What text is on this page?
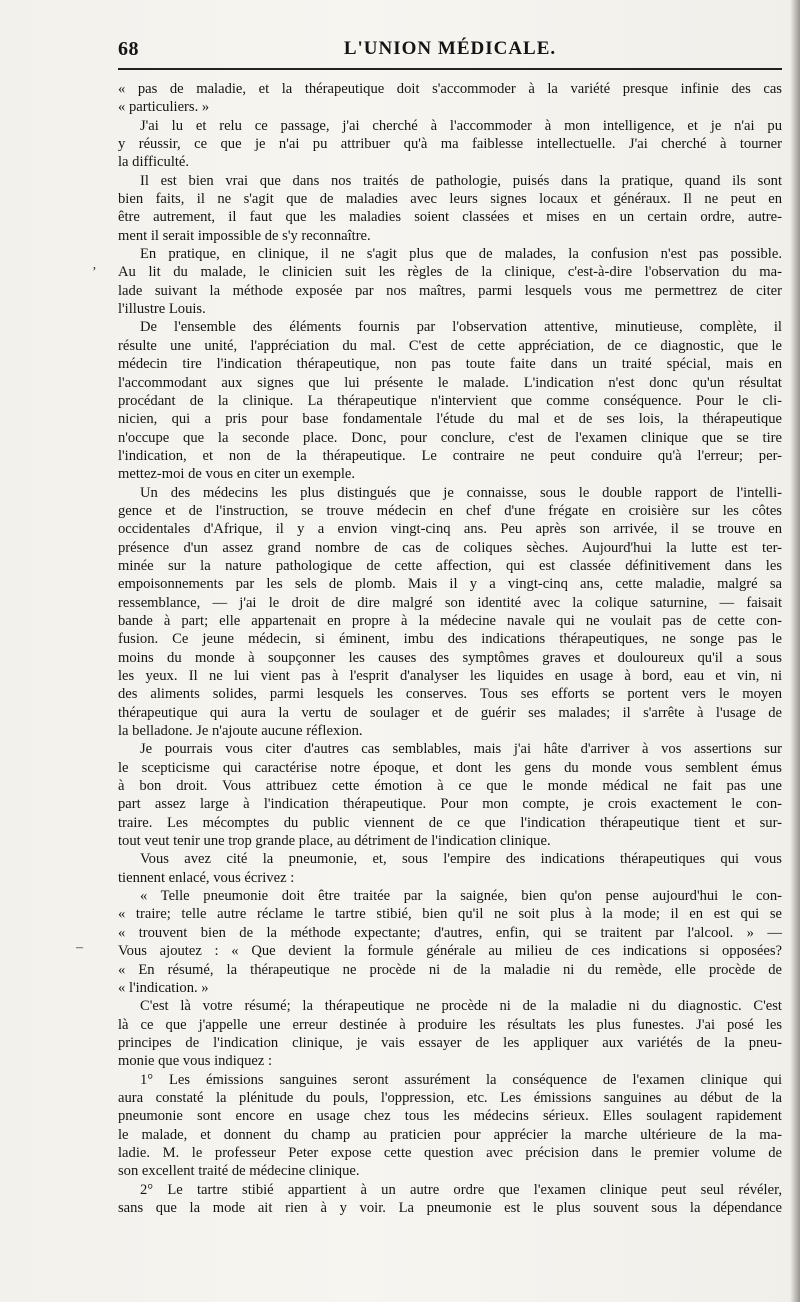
68	L'UNION MÉDICALE.
« pas de maladie, et la thérapeutique doit s'accommoder à la variété presque infinie des cas
« particuliers. »
J'ai lu et relu ce passage, j'ai cherché à l'accommoder à mon intelligence, et je n'ai pu
y réussir, ce que je n'ai pu attribuer qu'à ma faiblesse intellectuelle. J'ai cherché à tourner
la difficulté.
Il est bien vrai que dans nos traités de pathologie, puisés dans la pratique, quand ils sont
bien faits, il ne s'agit que de maladies avec leurs signes locaux et généraux. Il ne peut en
être autrement, il faut que les maladies soient classées et mises en un certain ordre, autre-
ment il serait impossible de s'y reconnaître.
En pratique, en clinique, il ne s'agit plus que de malades, la confusion n'est pas possible.
Au lit du malade, le clinicien suit les règles de la clinique, c'est-à-dire l'observation du ma-
lade suivant la méthode exposée par nos maîtres, parmi lesquels vous me permettrez de citer
l'illustre Louis.
De l'ensemble des éléments fournis par l'observation attentive, minutieuse, complète, il
résulte une unité, l'appréciation du mal. C'est de cette appréciation, de ce diagnostic, que le
médecin tire l'indication thérapeutique, non pas toute faite dans un traité spécial, mais en
l'accommodant aux signes que lui présente le malade. L'indication n'est donc qu'un résultat
procédant de la clinique. La thérapeutique n'intervient que comme conséquence. Pour le cli-
nicien, qui a pris pour base fondamentale l'étude du mal et de ses lois, la thérapeutique
n'occupe que la seconde place. Donc, pour conclure, c'est de l'examen clinique que se tire
l'indication, et non de la thérapeutique. Le contraire ne peut conduire qu'à l'erreur; per-
mettez-moi de vous en citer un exemple.
Un des médecins les plus distingués que je connaisse, sous le double rapport de l'intelli-
gence et de l'instruction, se trouve médecin en chef d'une frégate en croisière sur les côtes
occidentales d'Afrique, il y a envion vingt-cinq ans. Peu après son arrivée, il se trouve en
présence d'un assez grand nombre de cas de coliques sèches. Aujourd'hui la lutte est ter-
minée sur la nature pathologique de cette affection, qui est classée définitivement dans les
empoisonnements par les sels de plomb. Mais il y a vingt-cinq ans, cette maladie, malgré sa
ressemblance, — j'ai le droit de dire malgré son identité avec la colique saturnine, — faisait
bande à part; elle appartenait en propre à la médecine navale qui ne voulait pas de cette con-
fusion. Ce jeune médecin, si éminent, imbu des indications thérapeutiques, ne songe pas le
moins du monde à soupçonner les causes des symptômes graves et douloureux qu'il a sous
les yeux. Il ne lui vient pas à l'esprit d'analyser les liquides en usage à bord, eau et vin, ni
des aliments solides, parmi lesquels les conserves. Tous ses efforts se portent vers le moyen
thérapeutique qui aura la vertu de soulager et de guérir ses malades; il s'arrête à l'usage de
la belladone. Je n'ajoute aucune réflexion.
Je pourrais vous citer d'autres cas semblables, mais j'ai hâte d'arriver à vos assertions sur
le scepticisme qui caractérise notre époque, et dont les gens du monde vous semblent émus
à bon droit. Vous attribuez cette émotion à ce que le monde médical ne fait pas une
part assez large à l'indication thérapeutique. Pour mon compte, je crois exactement le con-
traire. Les mécomptes du public viennent de ce que l'indication thérapeutique tient et sur-
tout veut tenir une trop grande place, au détriment de l'indication clinique.
Vous avez cité la pneumonie, et, sous l'empire des indications thérapeutiques qui vous
tiennent enlacé, vous écrivez :
« Telle pneumonie doit être traitée par la saignée, bien qu'on pense aujourd'hui le con-
« traire; telle autre réclame le tartre stibié, bien qu'il ne soit plus à la mode; il en est qui se
« trouvent bien de la méthode expectante; d'autres, enfin, qui se traitent par l'alcool. » —
Vous ajoutez : « Que devient la formule générale au milieu de ces indications si opposées?
« En résumé, la thérapeutique ne procède ni de la maladie ni du remède, elle procède de
« l'indication. »
C'est là votre résumé; la thérapeutique ne procède ni de la maladie ni du diagnostic. C'est
là ce que j'appelle une erreur destinée à produire les résultats les plus funestes. J'ai posé les
principes de l'indication clinique, je vais essayer de les appliquer aux variétés de la pneu-
monie que vous indiquez :
1° Les émissions sanguines seront assurément la conséquence de l'examen clinique qui
aura constaté la plénitude du pouls, l'oppression, etc. Les émissions sanguines au début de la
pneumonie sont encore en usage chez tous les médecins sérieux. Elles soulagent rapidement
le malade, et donnent du champ au praticien pour apprécier la marche ultérieure de la ma-
ladie. M. le professeur Peter expose cette question avec précision dans le premier volume de
son excellent traité de médecine clinique.
2° Le tartre stibié appartient à un autre ordre que l'examen clinique peut seul révéler,
sans que la mode ait rien à y voir. La pneumonie est le plus souvent sous la dépendance
ʼ
–
